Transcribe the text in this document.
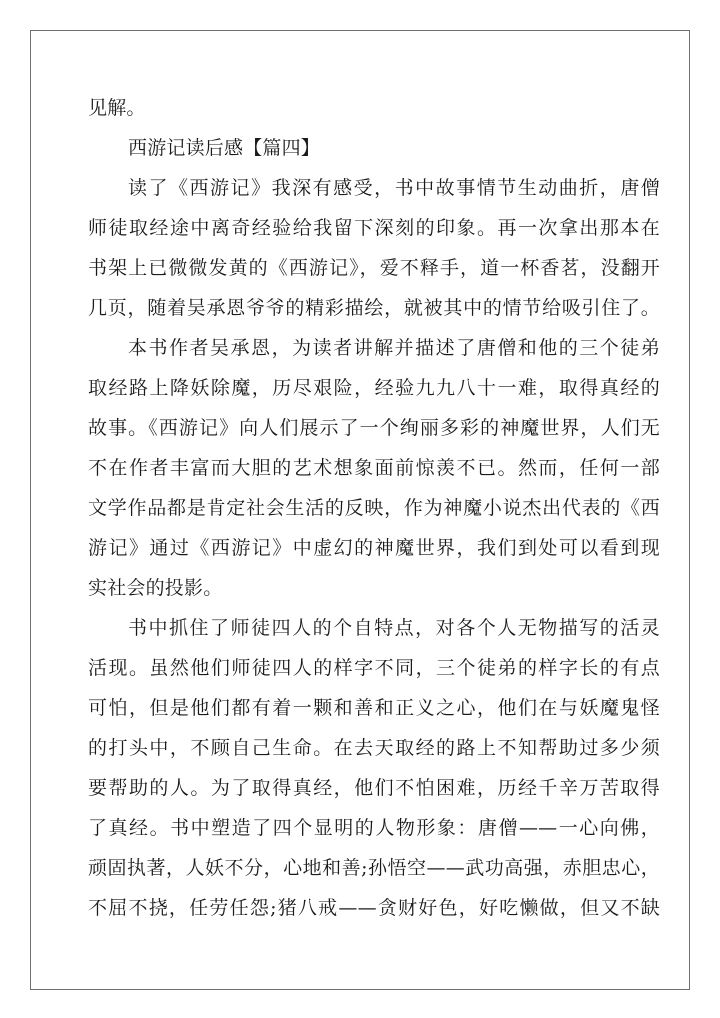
见解。
西游记读后感【篇四】
读了《西游记》我深有感受，书中故事情节生动曲折，唐僧
师徒取经途中离奇经验给我留下深刻的印象。再一次拿出那本在
书架上已微微发黄的《西游记》，爱不释手，道一杯香茗，没翻开
几页，随着吴承恩爷爷的精彩描绘，就被其中的情节给吸引住了。
本书作者吴承恩，为读者讲解并描述了唐僧和他的三个徒弟
取经路上降妖除魔，历尽艰险，经验九九八十一难，取得真经的
故事。《西游记》向人们展示了一个绚丽多彩的神魔世界，人们无
不在作者丰富而大胆的艺术想象面前惊羡不已。然而，任何一部
文学作品都是肯定社会生活的反映，作为神魔小说杰出代表的《西
游记》通过《西游记》中虚幻的神魔世界，我们到处可以看到现
实社会的投影。
书中抓住了师徒四人的个自特点，对各个人无物描写的活灵
活现。虽然他们师徒四人的样字不同，三个徒弟的样字长的有点
可怕，但是他们都有着一颗和善和正义之心，他们在与妖魔鬼怪
的打头中，不顾自己生命。在去天取经的路上不知帮助过多少须
要帮助的人。为了取得真经，他们不怕困难，历经千辛万苦取得
了真经。书中塑造了四个显明的人物形象：唐僧——一心向佛，
顽固执著，人妖不分，心地和善;孙悟空——武功高强，赤胆忠心，
不屈不挠，任劳任怨;猪八戒——贪财好色，好吃懒做，但又不缺
